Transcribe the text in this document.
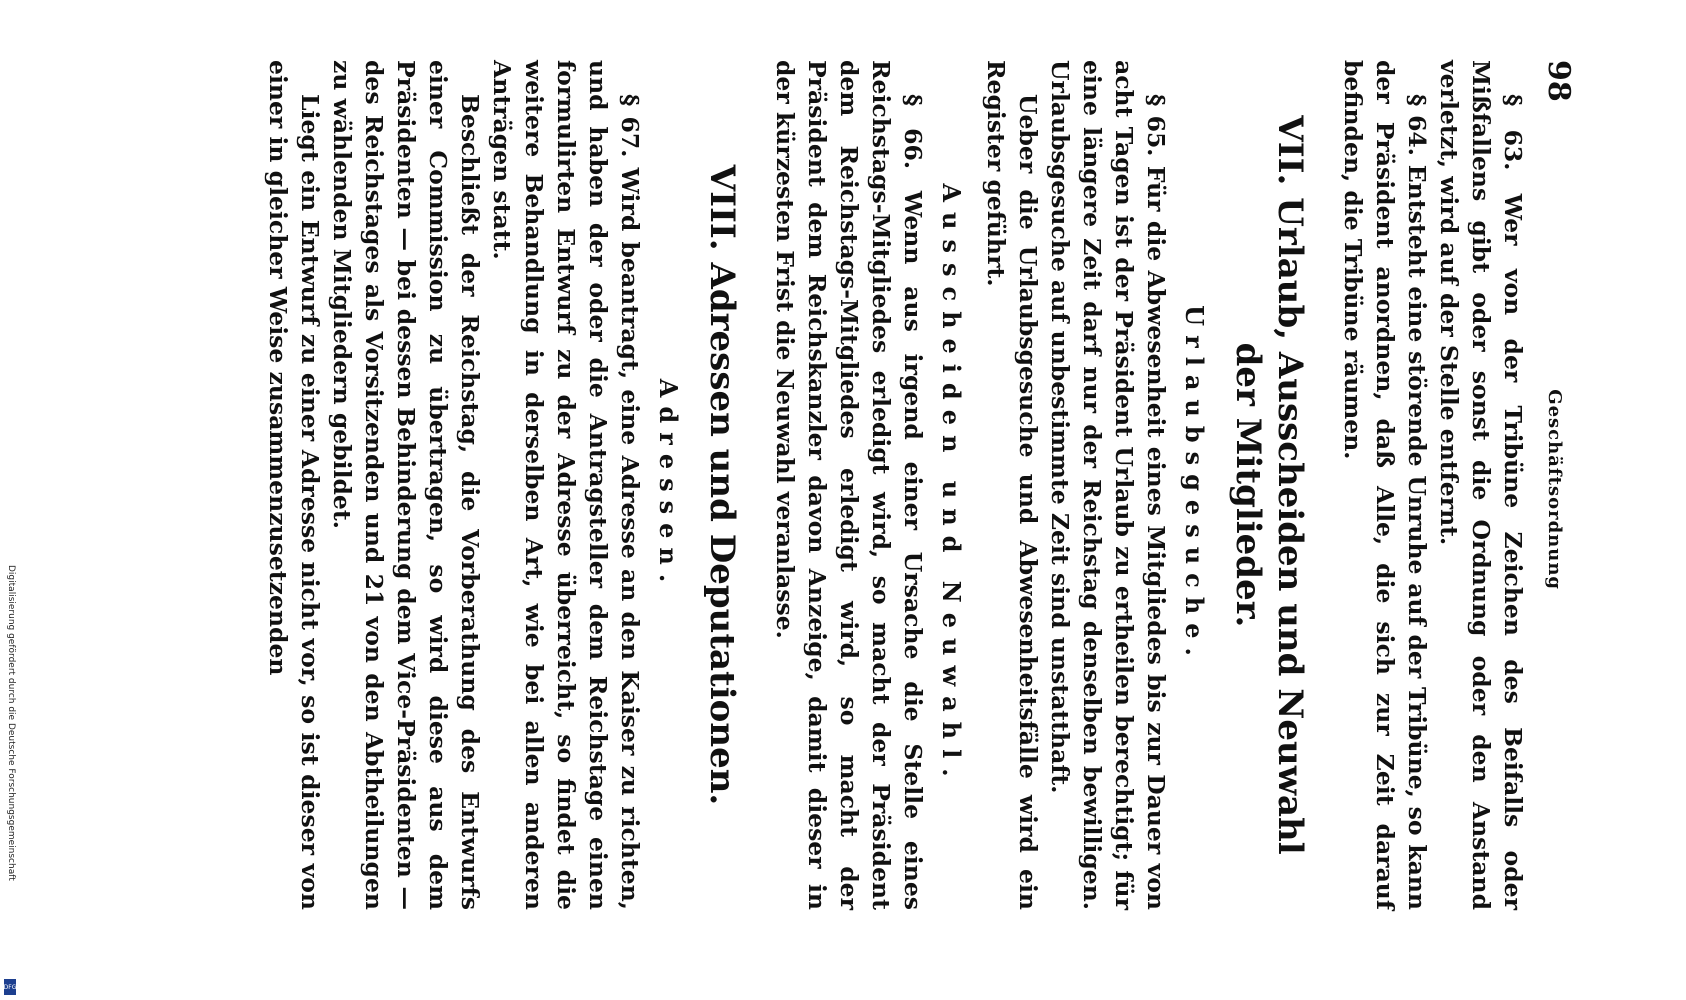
98
Geschäftsordnung

§ 63. Wer von der Tribüne Zeichen des Beifalls oder Mißfallens gibt oder sonst die Ordnung oder den Anstand verletzt, wird auf der Stelle entfernt.

§ 64. Entsteht eine störende Unruhe auf der Tribüne, so kann der Präsident anordnen, daß Alle, die sich zur Zeit darauf befinden, die Tribüne räumen.

VII. Urlaub, Ausscheiden und Neuwahl der Mitglieder.
Urlaubsgesuche.

§ 65. Für die Abwesenheit eines Mitgliedes bis zur Dauer von acht Tagen ist der Präsident Urlaub zu ertheilen berechtigt; für eine längere Zeit darf nur der Reichstag denselben bewilligen. Urlaubsgesuche auf unbestimmte Zeit sind unstatthaft.

Ueber die Urlaubsgesuche und Abwesenheitsfälle wird ein Register geführt.

Ausscheiden und Neuwahl.

§ 66. Wenn aus irgend einer Ursache die Stelle eines Reichstags-Mitgliedes erledigt wird, so macht der Präsident dem Reichstags-Mitgliedes erledigt wird, so macht der Präsident dem Reichskanzler davon Anzeige, damit dieser in der kürzesten Frist die Neuwahl veranlasse.

VIII. Adressen und Deputationen.
Adressen.

§ 67. Wird beantragt, eine Adresse an den Kaiser zu richten, und haben der oder die Antragsteller dem Reichstage einen formulirten Entwurf zu der Adresse überreicht, so findet die weitere Behandlung in derselben Art, wie bei allen anderen Anträgen statt.

Beschließt der Reichstag, die Vorberathung des Entwurfs einer Commission zu übertragen, so wird diese aus dem Präsidenten — bei dessen Behinderung dem Vice-Präsidenten — des Reichstages als Vorsitzenden und 21 von den Abtheilungen zu wählenden Mitgliedern gebildet.

Liegt ein Entwurf zu einer Adresse nicht vor, so ist dieser von einer in gleicher Weise zusammenzusetzenden

Digitalisierung gefördert durch die Deutsche Forschungsgemeinschaft
DFG
